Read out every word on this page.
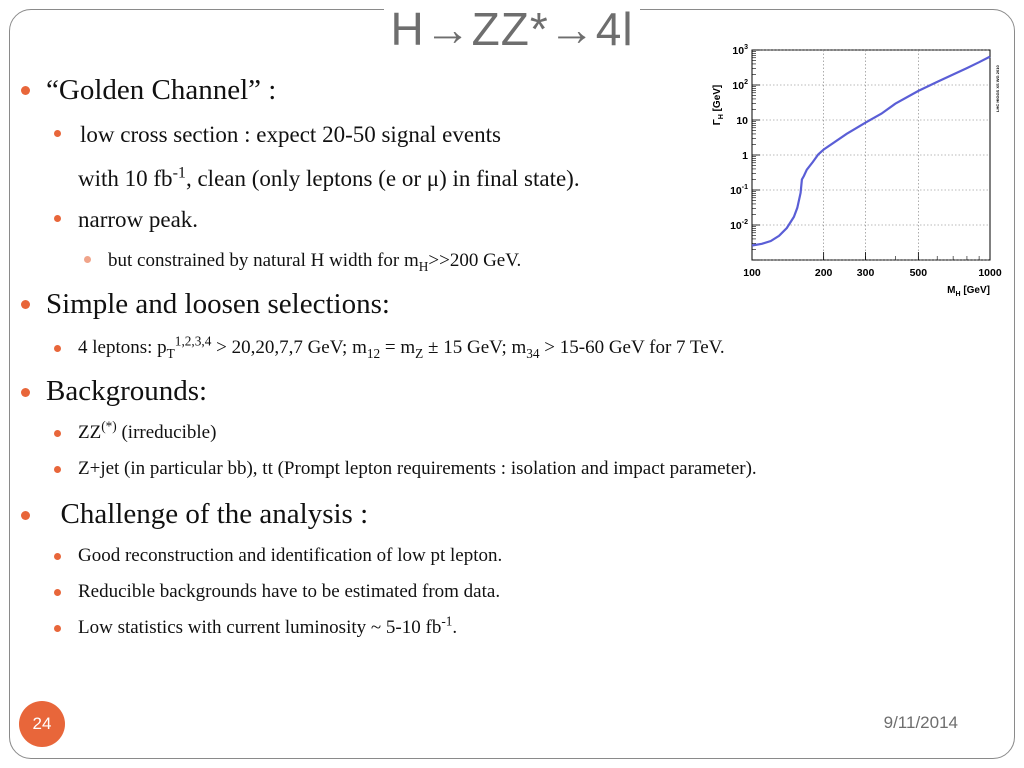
H→ZZ*→4l
“Golden Channel” :
low cross section : expect 20-50 signal events
with 10 $fb^{-1}$, clean (only leptons (e or μ) in final state).
narrow peak.
but constrained by natural H width for $m_H>>200$ GeV.
Simple and loosen selections:
4 leptons: $p_T^{1,2,3,4} > 20,20,7,7$ GeV; $m_{12} = m_Z \pm 15$ GeV; $m_{34} > 15-60$ GeV for 7 TeV.
Backgrounds:
ZZ(*) (irreducible)
Z+jet (in particular bb), tt (Prompt lepton requirements : isolation and impact parameter).
Challenge of the analysis :
Good reconstruction and identification of low pt lepton.
Reducible backgrounds have to be estimated from data.
Low statistics with current luminosity ~ 5-10 $fb^{-1}$.
100	200 300	500	1000
$10^{-2}$
$10^{-1}$
1
10
$10^2$
$10^3$
$M_H$ [GeV]
$\Gamma_H$ [GeV]	LHC HIGGS XS WG 2010
24	9/11/2014
